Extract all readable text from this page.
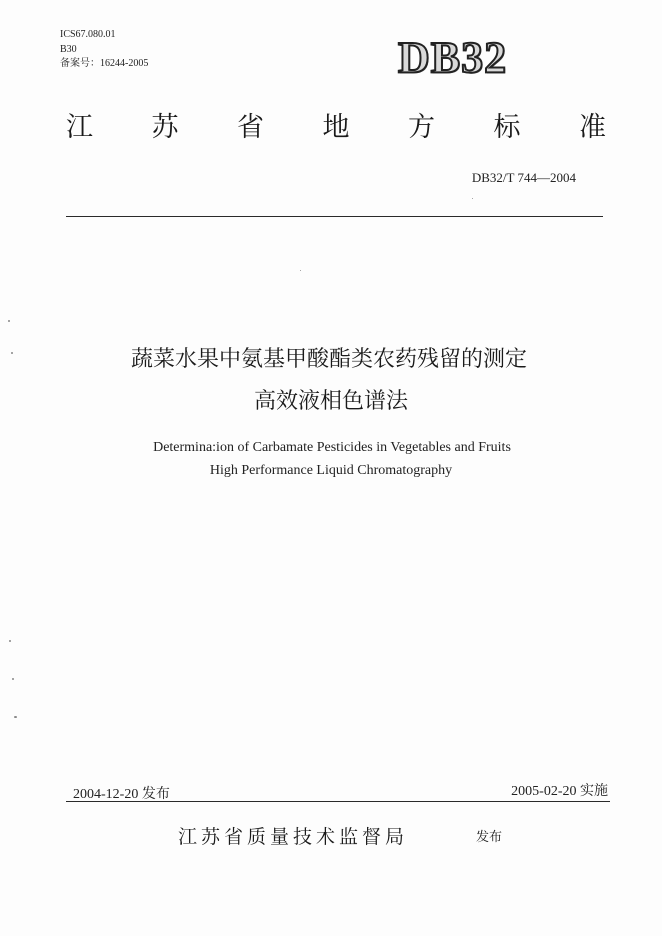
ICS67.080.01
B30
备案号：16244-2005	DB32
江 苏 省 地 方 标 准
DB32/T 744—2004
蔬菜水果中氨基甲酸酯类农药残留的测定
高效液相色谱法
Determina:ion of Carbamate Pesticides in Vegetables and Fruits
High Performance Liquid Chromatography
2004-12-20 发布	2005-02-20 实施
江苏省质量技术监督局	发布
